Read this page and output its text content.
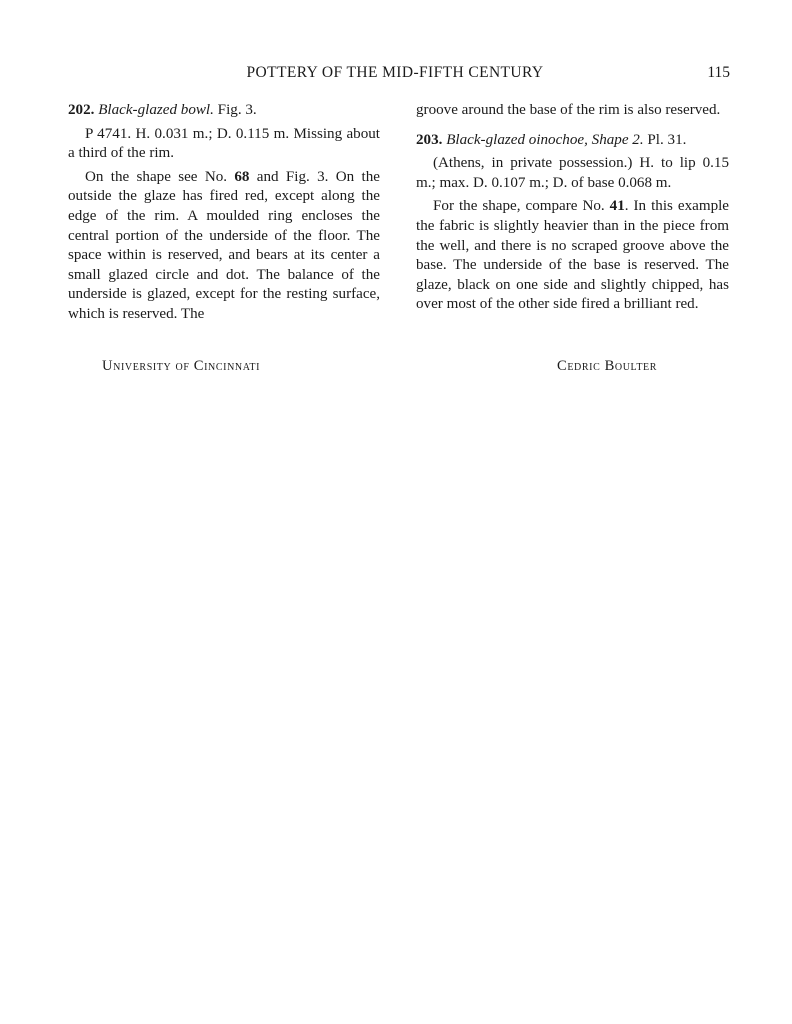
POTTERY OF THE MID-FIFTH CENTURY	115

202. Black-glazed bowl. Fig. 3.

P 4741. H. 0.031 m.; D. 0.115 m. Missing about a third of the rim.

On the shape see No. 68 and Fig. 3. On the outside the glaze has fired red, except along the edge of the rim. A moulded ring encloses the central portion of the underside of the floor. The space within is reserved, and bears at its center a small glazed circle and dot. The balance of the underside is glazed, except for the resting surface, which is reserved. The

groove around the base of the rim is also reserved.

203. Black-glazed oinochoe, Shape 2. Pl. 31.

(Athens, in private possession.) H. to lip 0.15 m.; max. D. 0.107 m.; D. of base 0.068 m.

For the shape, compare No. 41. In this example the fabric is slightly heavier than in the piece from the well, and there is no scraped groove above the base. The underside of the base is reserved. The glaze, black on one side and slightly chipped, has over most of the other side fired a brilliant red.

University of Cincinnati	Cedric Boulter
